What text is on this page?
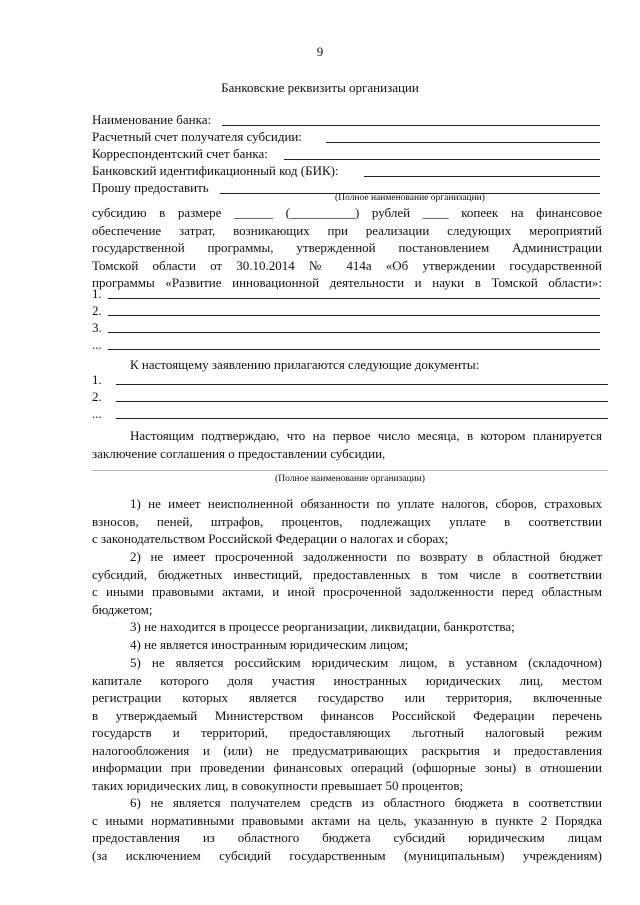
9
Банковские реквизиты организации
Наименование банка:
Расчетный счет получателя субсидии:
Корреспондентский счет банка:
Банковский идентификационный код (БИК):
Прошу предоставить
(Полное наименование организации)
субсидию в размере ______ (__________) рублей ____ копеек на финансовое
обеспечение затрат, возникающих при реализации следующих мероприятий
государственной программы, утвержденной постановлением Администрации
Томской области от 30.10.2014 № 414а «Об утверждении государственной
программы «Развитие инновационной деятельности и науки в Томской области»:
1.
2.
3.
...
К настоящему заявлению прилагаются следующие документы:
1.
2.
...
Настоящим подтверждаю, что на первое число месяца, в котором планируется
заключение соглашения о предоставлении субсидии,
(Полное наименование организации)
1) не имеет неисполненной обязанности по уплате налогов, сборов, страховых
взносов, пеней, штрафов, процентов, подлежащих уплате в соответствии
с законодательством Российской Федерации о налогах и сборах;
2) не имеет просроченной задолженности по возврату в областной бюджет
субсидий, бюджетных инвестиций, предоставленных в том числе в соответствии
с иными правовыми актами, и иной просроченной задолженности перед областным
бюджетом;
3) не находится в процессе реорганизации, ликвидации, банкротства;
4) не является иностранным юридическим лицом;
5) не является российским юридическим лицом, в уставном (складочном)
капитале которого доля участия иностранных юридических лиц, местом
регистрации которых является государство или территория, включенные
в утверждаемый Министерством финансов Российской Федерации перечень
государств и территорий, предоставляющих льготный налоговый режим
налогообложения и (или) не предусматривающих раскрытия и предоставления
информации при проведении финансовых операций (офшорные зоны) в отношении
таких юридических лиц, в совокупности превышает 50 процентов;
6) не является получателем средств из областного бюджета в соответствии
с иными нормативными правовыми актами на цель, указанную в пункте 2 Порядка
предоставления из областного бюджета субсидий юридическим лицам
(за исключением субсидий государственным (муниципальным) учреждениям)
